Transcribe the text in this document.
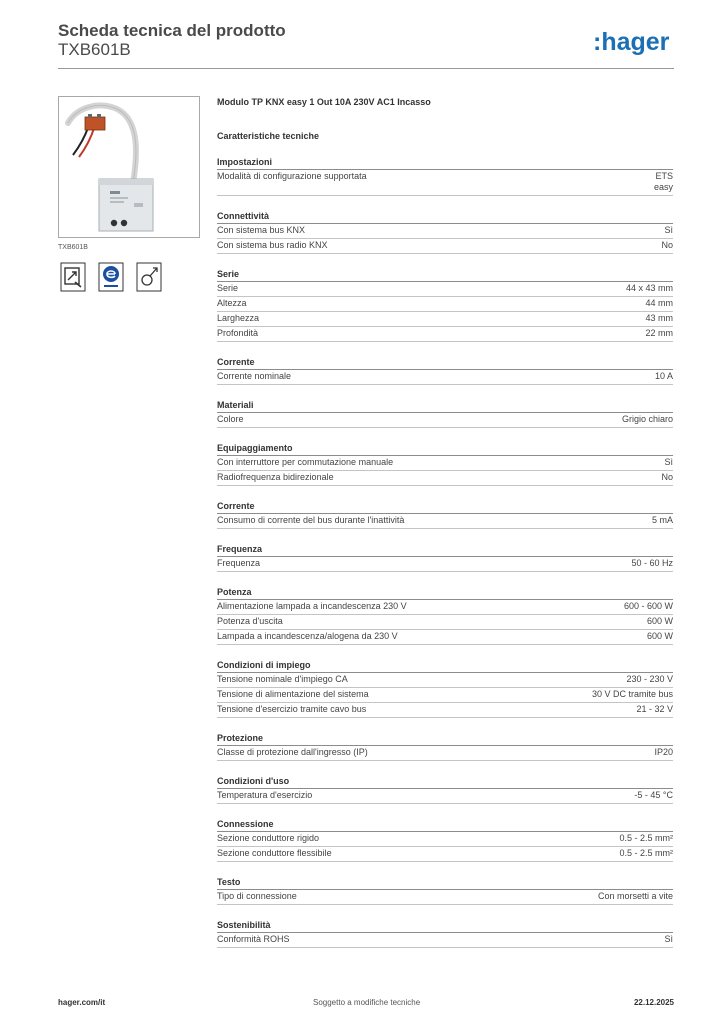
Scheda tecnica del prodotto
TXB601B	:hager
TXB601B
Modulo TP KNX easy 1 Out 10A 230V AC1 Incasso
Caratteristiche tecniche
Impostazioni
Modalità di configurazione supportata	ETS
easy
Connettività
Con sistema bus KNX	Sì
Con sistema bus radio KNX	No
Serie
Serie	44 x 43 mm
Altezza	44 mm
Larghezza	43 mm
Profondità	22 mm
Corrente
Corrente nominale	10 A
Materiali
Colore	Grigio chiaro
Equipaggiamento
Con interruttore per commutazione manuale	Sì
Radiofrequenza bidirezionale	No
Corrente
Consumo di corrente del bus durante l'inattività	5 mA
Frequenza
Frequenza	50 - 60 Hz
Potenza
Alimentazione lampada a incandescenza 230 V	600 - 600 W
Potenza d'uscita	600 W
Lampada a incandescenza/alogena da 230 V	600 W
Condizioni di impiego
Tensione nominale d'impiego CA	230 - 230 V
Tensione di alimentazione del sistema	30 V DC tramite bus
Tensione d'esercizio tramite cavo bus	21 - 32 V
Protezione
Classe di protezione dall'ingresso (IP)	IP20
Condizioni d'uso
Temperatura d'esercizio	-5 - 45 °C
Connessione
Sezione conduttore rigido	0.5 - 2.5 mm²
Sezione conduttore flessibile	0.5 - 2.5 mm²
Testo
Tipo di connessione	Con morsetti a vite
Sostenibilità
Conformità ROHS	Sì
hager.com/it	Soggetto a modifiche tecniche	22.12.2025
